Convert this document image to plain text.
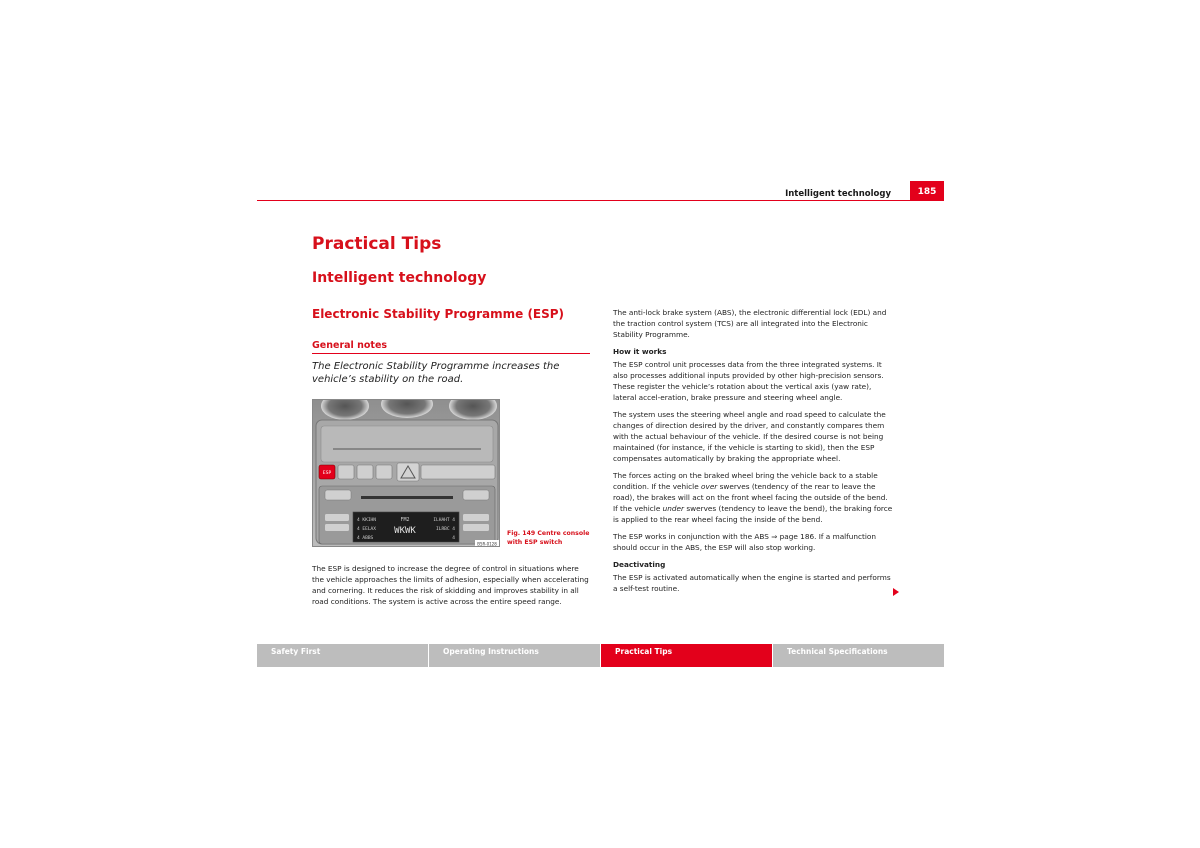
Intelligent technology	185
Practical Tips
Intelligent technology
Electronic Stability Programme (ESP)
General notes
The Electronic Stability Programme increases the vehicle’s stability on the road.
ESP
4 KKIHN
4 EELAX
4 ABBS
FM2
WKWK
ILHAHT 4
ILRBC 4
4
B5R-0128
Fig. 149 Centre console
with ESP switch
The ESP is designed to increase the degree of control in situations where the vehicle approaches the limits of adhesion, especially when accelerating and cornering. It reduces the risk of skidding and improves stability in all road conditions. The system is active across the entire speed range.

The anti-lock brake system (ABS), the electronic differential lock (EDL) and the traction control system (TCS) are all integrated into the Electronic Stability Programme.

How it works

The ESP control unit processes data from the three integrated systems. It also processes additional inputs provided by other high-precision sensors. These register the vehicle’s rotation about the vertical axis (yaw rate), lateral accel-eration, brake pressure and steering wheel angle.

The system uses the steering wheel angle and road speed to calculate the changes of direction desired by the driver, and constantly compares them with the actual behaviour of the vehicle. If the desired course is not being maintained (for instance, if the vehicle is starting to skid), then the ESP compensates automatically by braking the appropriate wheel.

The forces acting on the braked wheel bring the vehicle back to a stable condition. If the vehicle over swerves (tendency of the rear to leave the road), the brakes will act on the front wheel facing the outside of the bend. If the vehicle under swerves (tendency to leave the bend), the braking force is applied to the rear wheel facing the inside of the bend.

The ESP works in conjunction with the ABS ⇒ page 186. If a malfunction should occur in the ABS, the ESP will also stop working.

Deactivating

The ESP is activated automatically when the engine is started and performs a self-test routine.

Safety First	Operating Instructions	Practical Tips	Technical Specifications
